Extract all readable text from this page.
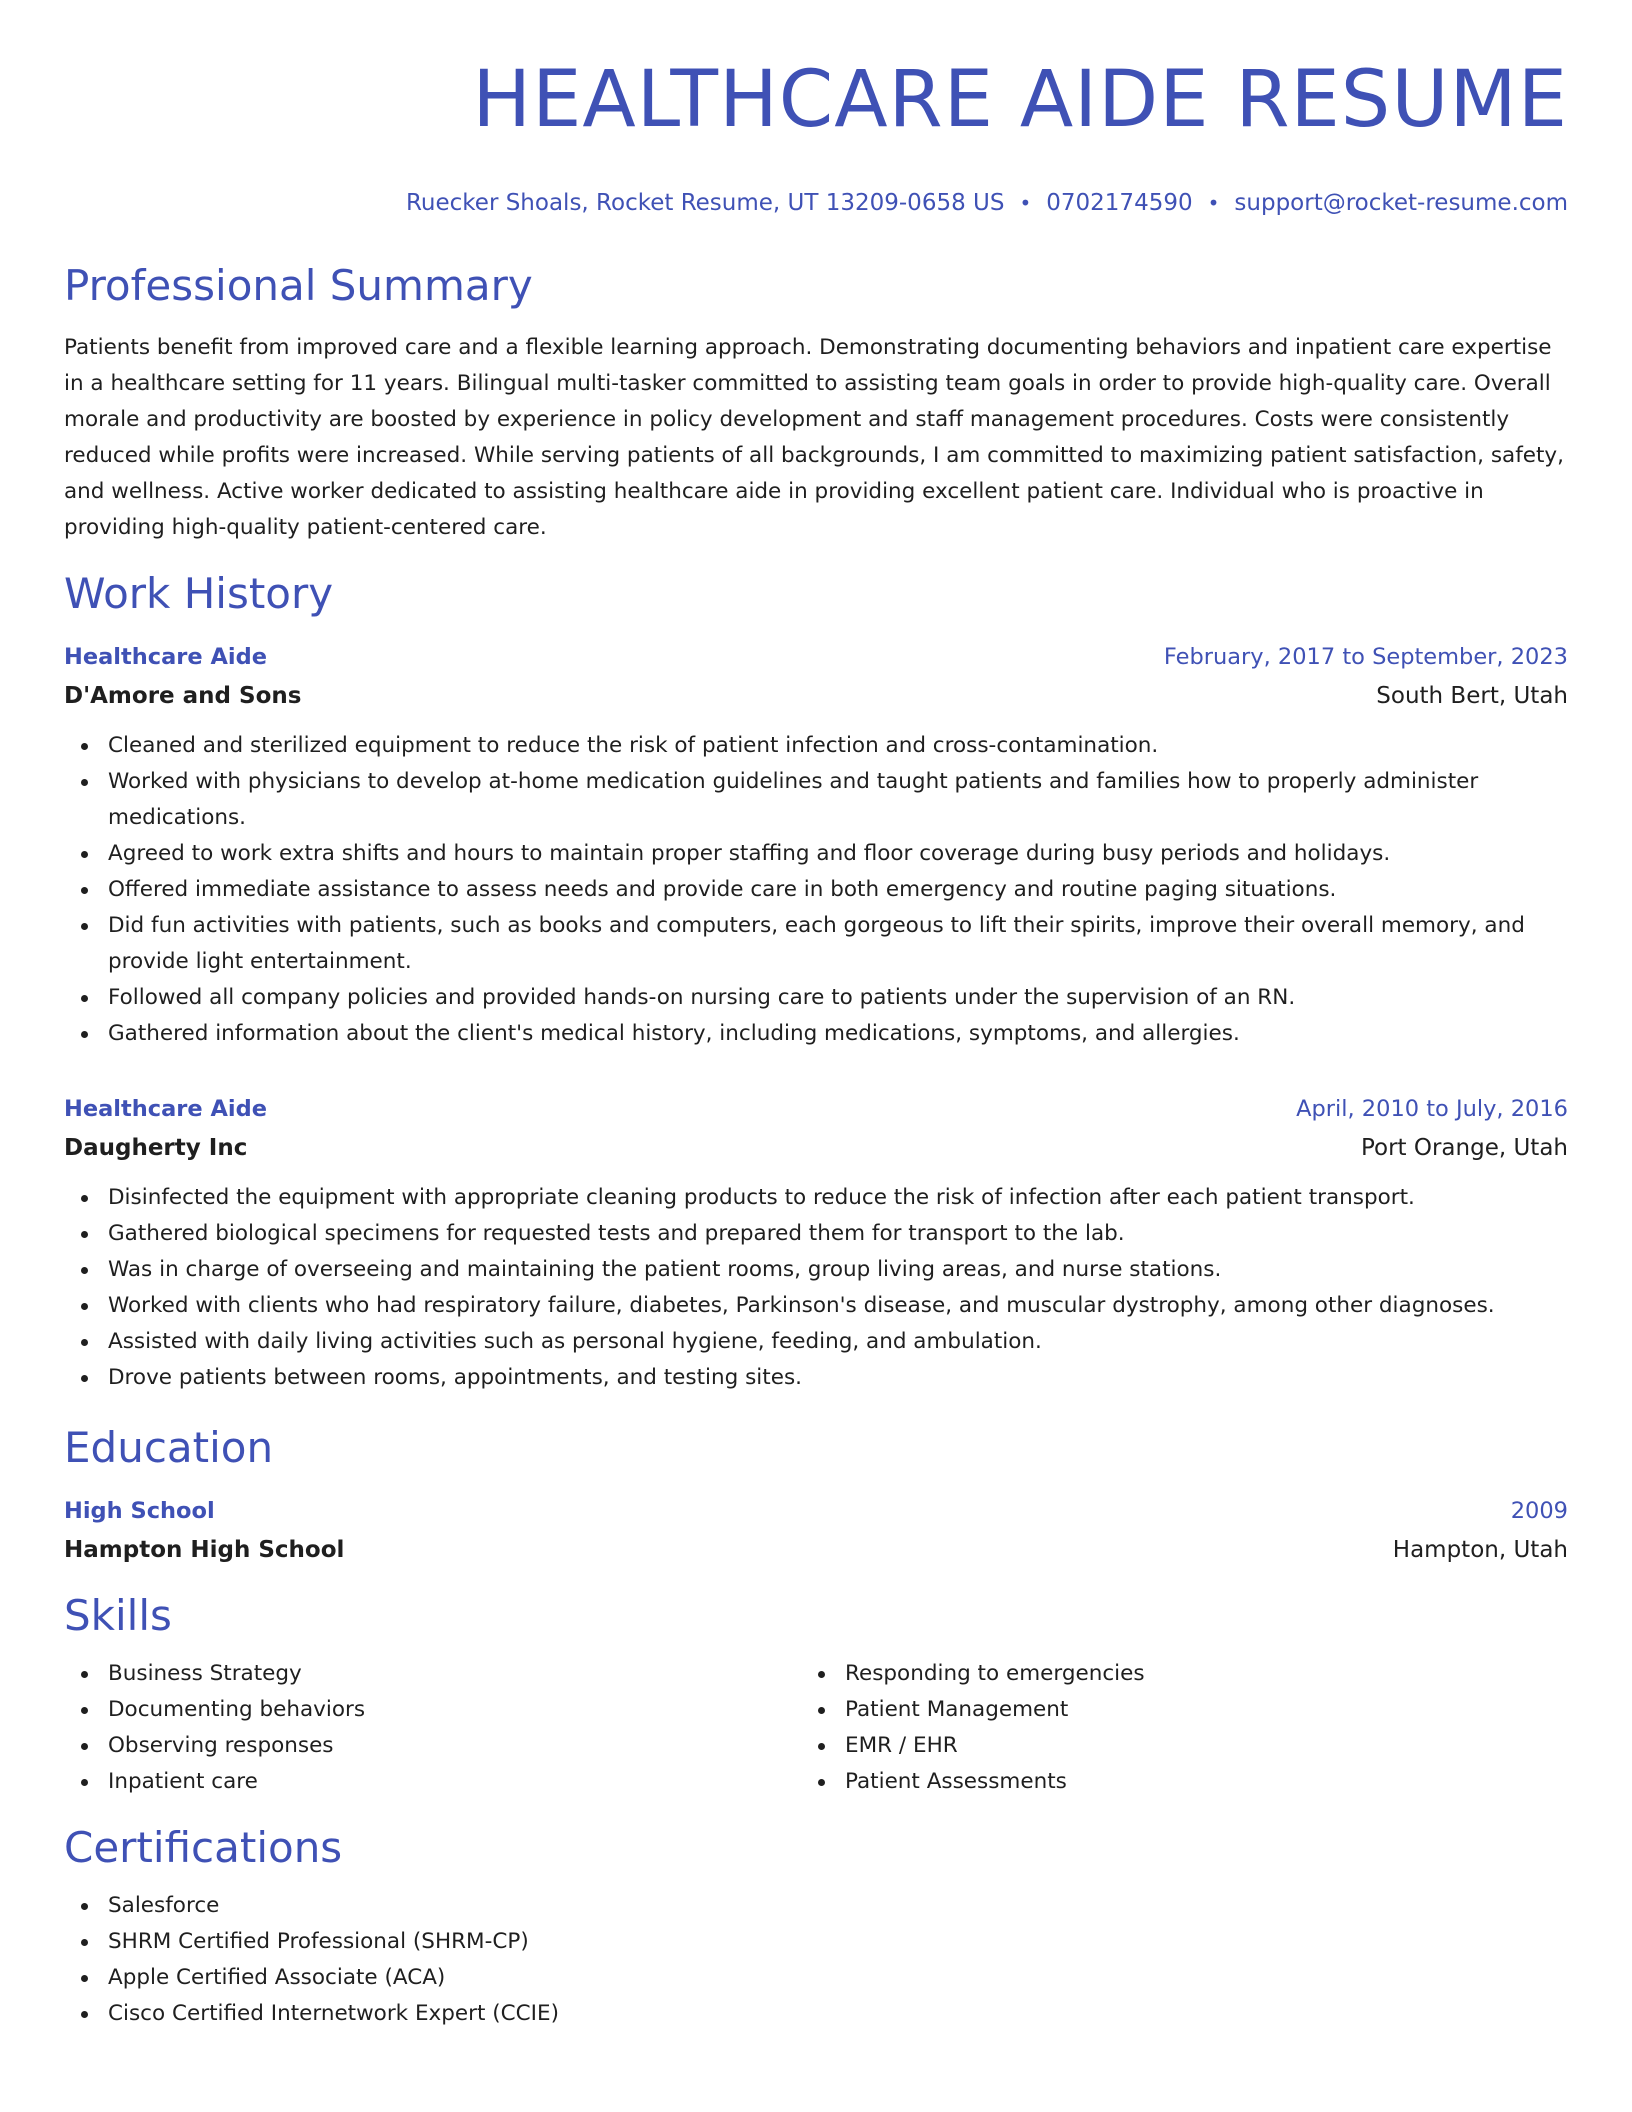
HEALTHCARE AIDE RESUME
Ruecker Shoals, Rocket Resume, UT 13209-0658 US • 0702174590 • support@rocket-resume.com
Professional Summary

Patients benefit from improved care and a flexible learning approach. Demonstrating documenting behaviors and inpatient care expertise in a healthcare setting for 11 years. Bilingual multi-tasker committed to assisting team goals in order to provide high-quality care. Overall morale and productivity are boosted by experience in policy development and staff management procedures. Costs were consistently reduced while profits were increased. While serving patients of all backgrounds, I am committed to maximizing patient satisfaction, safety, and wellness. Active worker dedicated to assisting healthcare aide in providing excellent patient care. Individual who is proactive in providing high-quality patient-centered care.

Work History
Healthcare Aide	February, 2017 to September, 2023
D'Amore and Sons	South Bert, Utah
Cleaned and sterilized equipment to reduce the risk of patient infection and cross-contamination.
Worked with physicians to develop at-home medication guidelines and taught patients and families how to properly administer medications.
Agreed to work extra shifts and hours to maintain proper staffing and floor coverage during busy periods and holidays.
Offered immediate assistance to assess needs and provide care in both emergency and routine paging situations.
Did fun activities with patients, such as books and computers, each gorgeous to lift their spirits, improve their overall memory, and provide light entertainment.
Followed all company policies and provided hands-on nursing care to patients under the supervision of an RN.
Gathered information about the client's medical history, including medications, symptoms, and allergies.
Healthcare Aide	April, 2010 to July, 2016
Daugherty Inc	Port Orange, Utah
Disinfected the equipment with appropriate cleaning products to reduce the risk of infection after each patient transport.
Gathered biological specimens for requested tests and prepared them for transport to the lab.
Was in charge of overseeing and maintaining the patient rooms, group living areas, and nurse stations.
Worked with clients who had respiratory failure, diabetes, Parkinson's disease, and muscular dystrophy, among other diagnoses.
Assisted with daily living activities such as personal hygiene, feeding, and ambulation.
Drove patients between rooms, appointments, and testing sites.
Education
High School	2009
Hampton High School	Hampton, Utah
Skills
Business Strategy
Documenting behaviors
Observing responses
Inpatient care
Responding to emergencies
Patient Management
EMR / EHR
Patient Assessments
Certifications
Salesforce
SHRM Certified Professional (SHRM-CP)
Apple Certified Associate (ACA)
Cisco Certified Internetwork Expert (CCIE)
